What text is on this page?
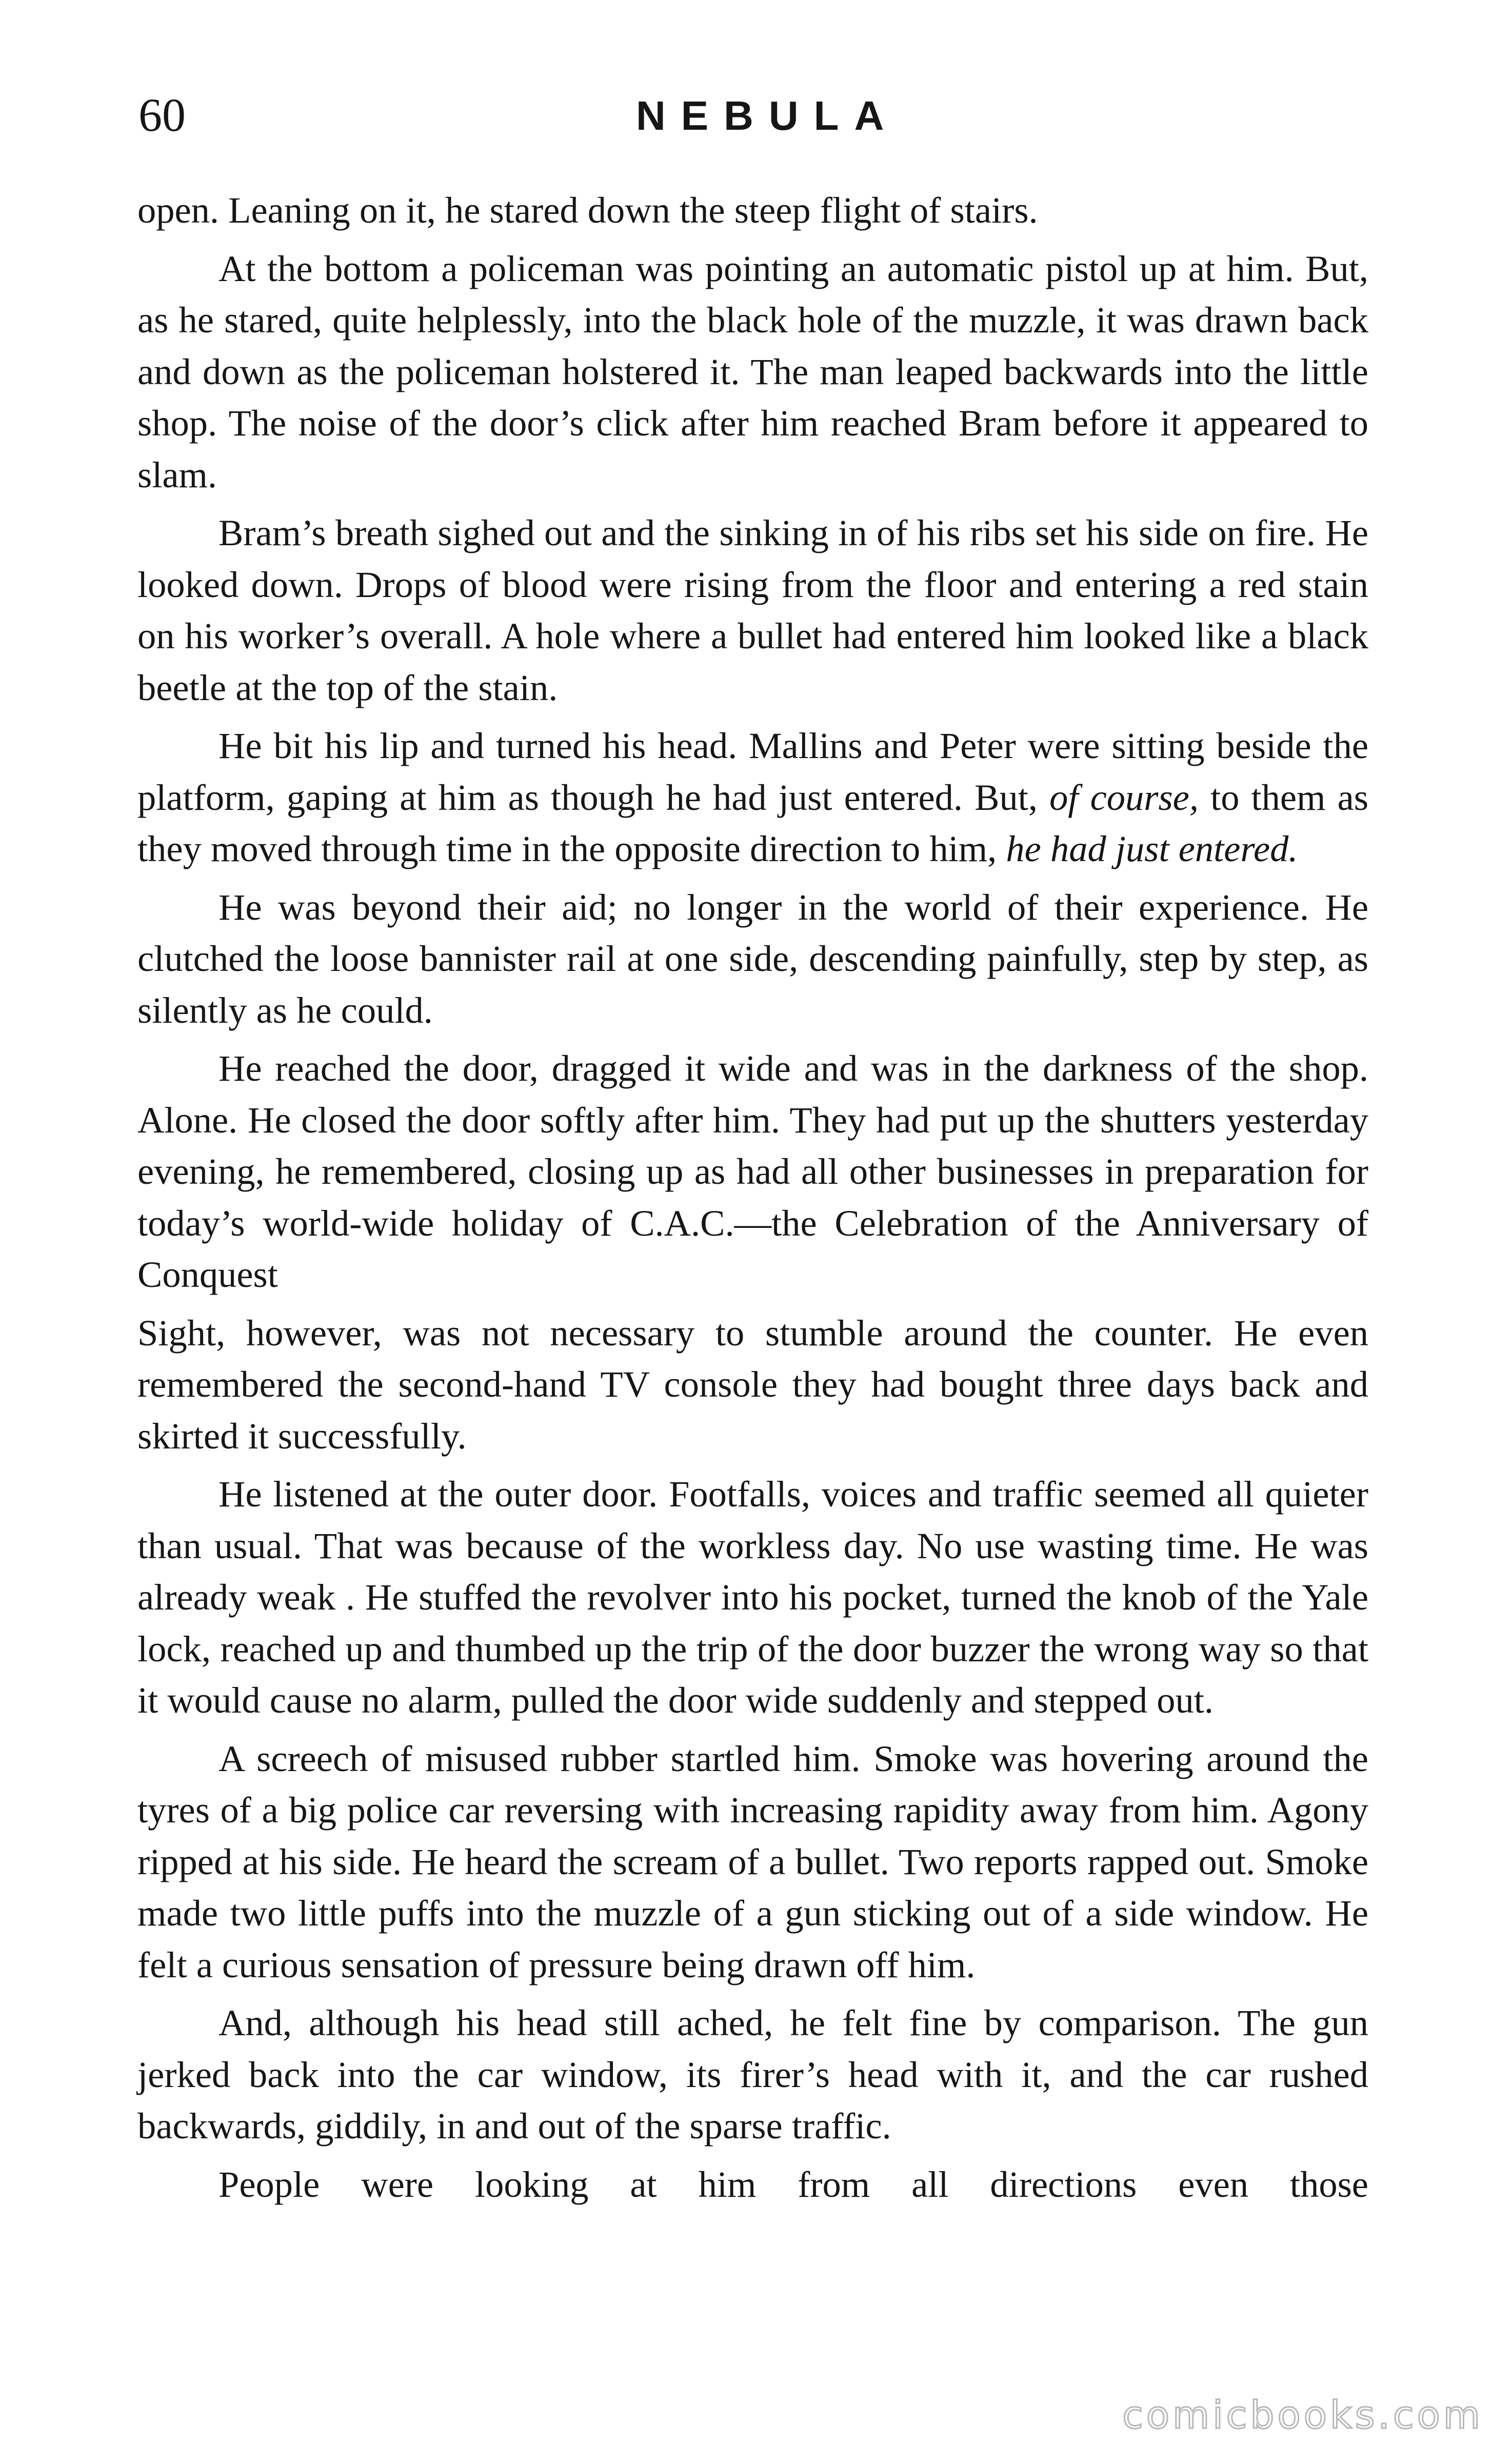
60	NEBULA

open. Leaning on it, he stared down the steep flight of stairs.

At the bottom a policeman was pointing an automatic pistol up at him. But, as he stared, quite helplessly, into the black hole of the muzzle, it was drawn back and down as the policeman holstered it. The man leaped backwards into the little shop. The noise of the door’s click after him reached Bram before it appeared to slam.

Bram’s breath sighed out and the sinking in of his ribs set his side on fire. He looked down. Drops of blood were rising from the floor and entering a red stain on his worker’s overall. A hole where a bullet had entered him looked like a black beetle at the top of the stain.

He bit his lip and turned his head. Mallins and Peter were sitting beside the platform, gaping at him as though he had just entered. But, of course, to them as they moved through time in the opposite direction to him, he had just entered.

He was beyond their aid; no longer in the world of their experience. He clutched the loose bannister rail at one side, descending painfully, step by step, as silently as he could.

He reached the door, dragged it wide and was in the darkness of the shop. Alone. He closed the door softly after him. They had put up the shutters yesterday evening, he remembered, closing up as had all other businesses in preparation for today’s world-wide holiday of C.A.C.—the Celebration of the Anniversary of Conquest

Sight, however, was not necessary to stumble around the counter. He even remembered the second-hand TV console they had bought three days back and skirted it successfully.

He listened at the outer door. Footfalls, voices and traffic seemed all quieter than usual. That was because of the workless day. No use wasting time. He was already weak . He stuffed the revolver into his pocket, turned the knob of the Yale lock, reached up and thumbed up the trip of the door buzzer the wrong way so that it would cause no alarm, pulled the door wide suddenly and stepped out.

A screech of misused rubber startled him. Smoke was hovering around the tyres of a big police car reversing with increasing rapidity away from him. Agony ripped at his side. He heard the scream of a bullet. Two reports rapped out. Smoke made two little puffs into the muzzle of a gun sticking out of a side window. He felt a curious sensation of pressure being drawn off him.

And, although his head still ached, he felt fine by comparison. The gun jerked back into the car window, its firer’s head with it, and the car rushed backwards, giddily, in and out of the sparse traffic.

People were looking at him from all directions even those

comicbooks.com
